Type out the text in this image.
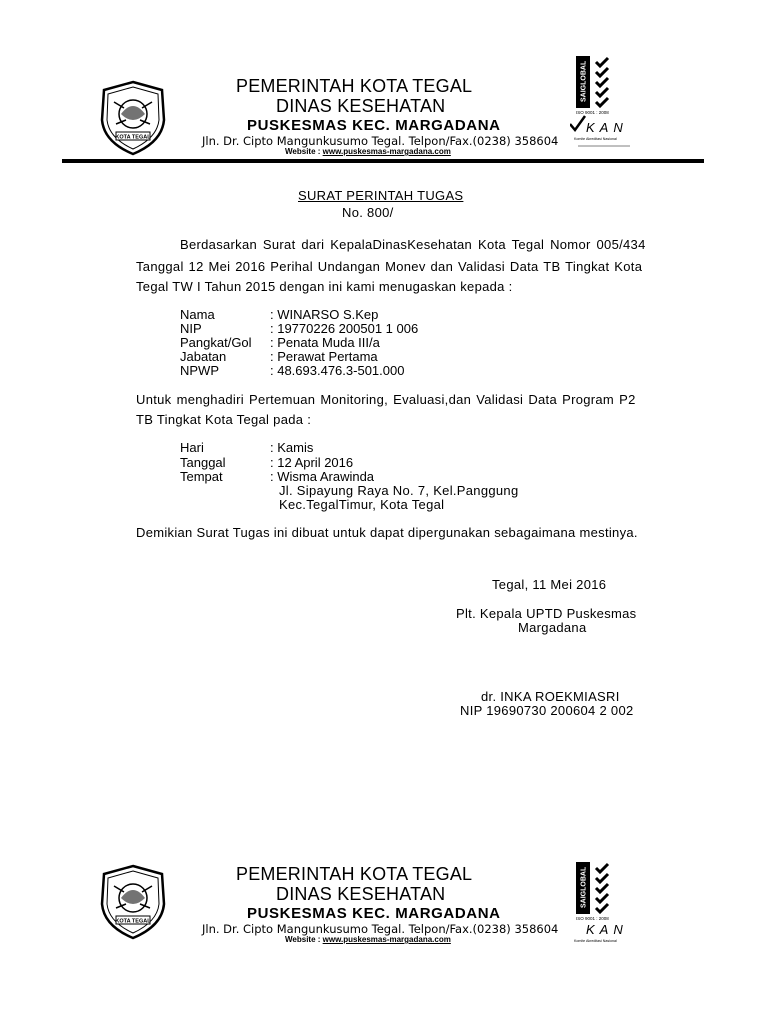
KOTA TEGAL
PEMERINTAH KOTA TEGAL
DINAS KESEHATAN
PUSKESMAS KEC. MARGADANA
Jln. Dr. Cipto Mangunkusumo Tegal. Telpon/Fax.(0238) 358604
Website : www.puskesmas-margadana.com
SAIGLOBAL
ISO 9001 : 2008
KAN
Komite Akreditasi Nasional
SURAT PERINTAH TUGAS
No. 800/
Berdasarkan Surat dari KepalaDinasKesehatan Kota Tegal Nomor 005/434
Tanggal 12 Mei 2016 Perihal Undangan Monev dan Validasi Data TB Tingkat Kota
Tegal TW I Tahun 2015 dengan ini kami menugaskan kepada :
Nama	: WINARSO S.Kep
NIP	: 19770226 200501 1 006
Pangkat/Gol : Penata Muda III/a
Jabatan	: Perawat Pertama
NPWP	: 48.693.476.3-501.000
Untuk menghadiri Pertemuan Monitoring, Evaluasi,dan Validasi Data Program P2
TB Tingkat Kota Tegal pada :
Hari	: Kamis
Tanggal	: 12 April 2016
Tempat	: Wisma Arawinda
Jl. Sipayung Raya No. 7, Kel.Panggung
Kec.TegalTimur, Kota Tegal
Demikian Surat Tugas ini dibuat untuk dapat dipergunakan sebagaimana mestinya.
Tegal, 11 Mei 2016
Plt. Kepala UPTD Puskesmas
Margadana
dr. INKA ROEKMIASRI
NIP 19690730 200604 2 002
KOTA TEGAL
PEMERINTAH KOTA TEGAL
DINAS KESEHATAN
PUSKESMAS KEC. MARGADANA
Jln. Dr. Cipto Mangunkusumo Tegal. Telpon/Fax.(0238) 358604
Website : www.puskesmas-margadana.com
SAIGLOBAL
ISO 9001 : 2008
KAN
Komite Akreditasi Nasional
